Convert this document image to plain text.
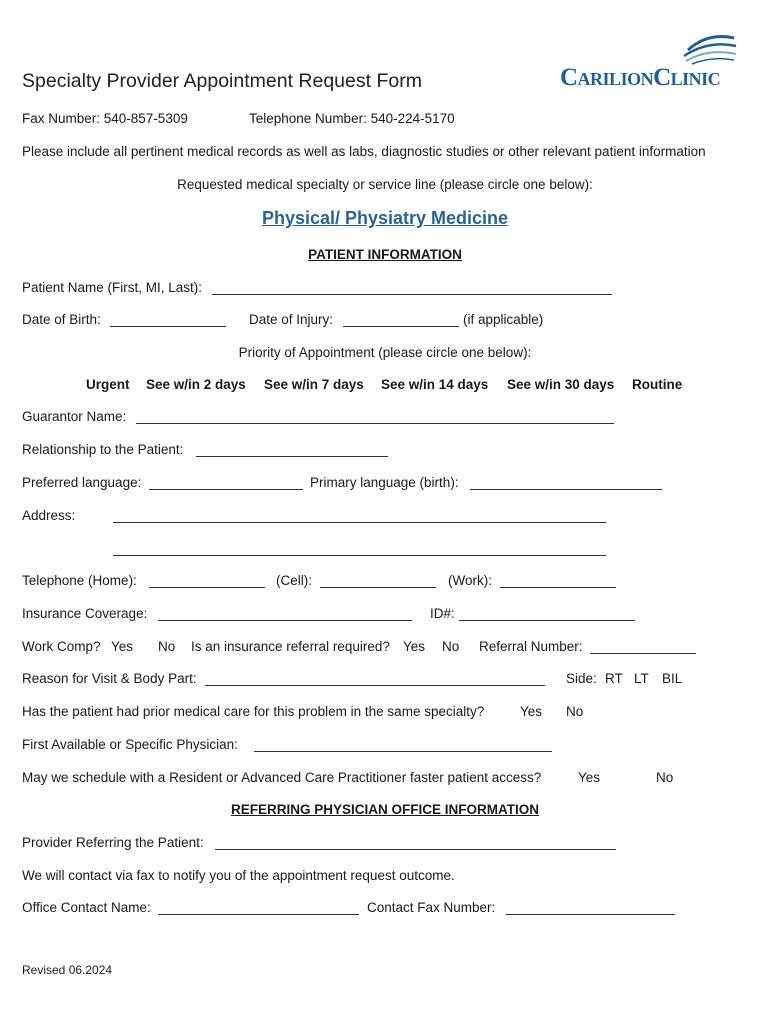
Specialty Provider Appointment Request Form	CarilionClinic
Fax Number: 540-857-5309	Telephone Number: 540-224-5170
Please include all pertinent medical records as well as labs, diagnostic studies or other relevant patient information
Requested medical specialty or service line (please circle one below):
Physical/ Physiatry Medicine
PATIENT INFORMATION
Patient Name (First, MI, Last):
Date of Birth:	Date of Injury:	(if applicable)
Priority of Appointment (please circle one below):
Urgent See w/in 2 days See w/in 7 days See w/in 14 days See w/in 30 days Routine
Guarantor Name:
Relationship to the Patient:
Preferred language:	Primary language (birth):
Address:
Telephone (Home):	(Cell):	(Work):
Insurance Coverage:	ID#:
Work Comp? Yes No Is an insurance referral required? Yes No Referral Number:
Reason for Visit & Body Part:	Side: RT LT BIL
Has the patient had prior medical care for this problem in the same specialty?	Yes No
First Available or Specific Physician:
May we schedule with a Resident or Advanced Care Practitioner faster patient access?	Yes	No
REFERRING PHYSICIAN OFFICE INFORMATION
Provider Referring the Patient:
We will contact via fax to notify you of the appointment request outcome.
Office Contact Name:	Contact Fax Number:
Revised 06.2024
